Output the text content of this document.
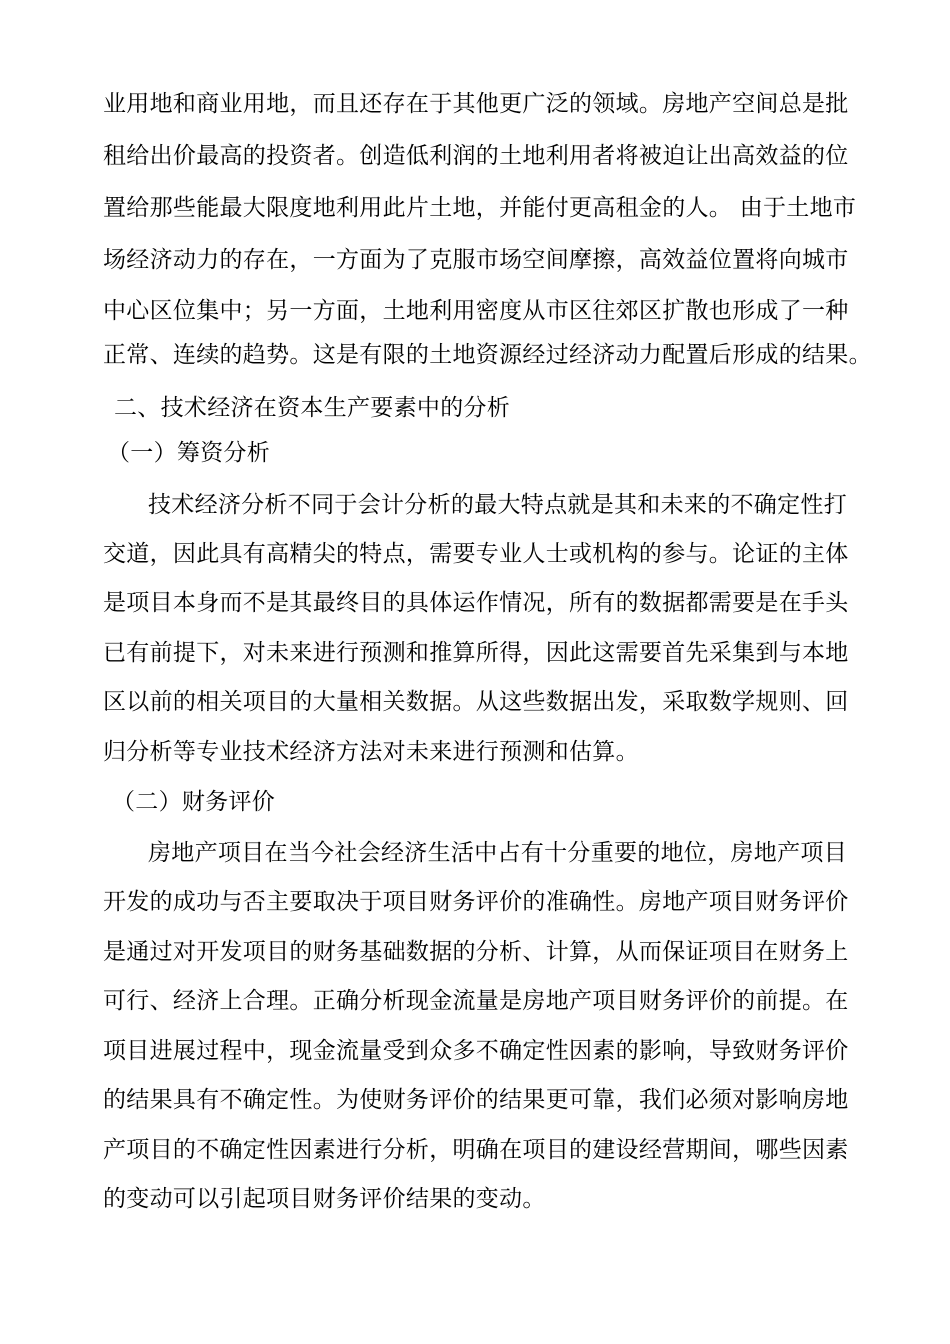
业用地和商业用地，而且还存在于其他更广泛的领域。房地产空间总是批
租给出价最高的投资者。创造低利润的土地利用者将被迫让出高效益的位
置给那些能最大限度地利用此片土地，并能付更高租金的人。 由于土地市
场经济动力的存在，一方面为了克服市场空间摩擦，高效益位置将向城市
中心区位集中；另一方面，土地利用密度从市区往郊区扩散也形成了一种
正常、连续的趋势。这是有限的土地资源经过经济动力配置后形成的结果。
二、技术经济在资本生产要素中的分析
（一）筹资分析
技术经济分析不同于会计分析的最大特点就是其和未来的不确定性打
交道，因此具有高精尖的特点，需要专业人士或机构的参与。论证的主体
是项目本身而不是其最终目的具体运作情况，所有的数据都需要是在手头
已有前提下，对未来进行预测和推算所得，因此这需要首先采集到与本地
区以前的相关项目的大量相关数据。从这些数据出发，采取数学规则、回
归分析等专业技术经济方法对未来进行预测和估算。
（二）财务评价
房地产项目在当今社会经济生活中占有十分重要的地位，房地产项目
开发的成功与否主要取决于项目财务评价的准确性。房地产项目财务评价
是通过对开发项目的财务基础数据的分析、计算，从而保证项目在财务上
可行、经济上合理。正确分析现金流量是房地产项目财务评价的前提。在
项目进展过程中，现金流量受到众多不确定性因素的影响，导致财务评价
的结果具有不确定性。为使财务评价的结果更可靠，我们必须对影响房地
产项目的不确定性因素进行分析，明确在项目的建设经营期间，哪些因素
的变动可以引起项目财务评价结果的变动。
